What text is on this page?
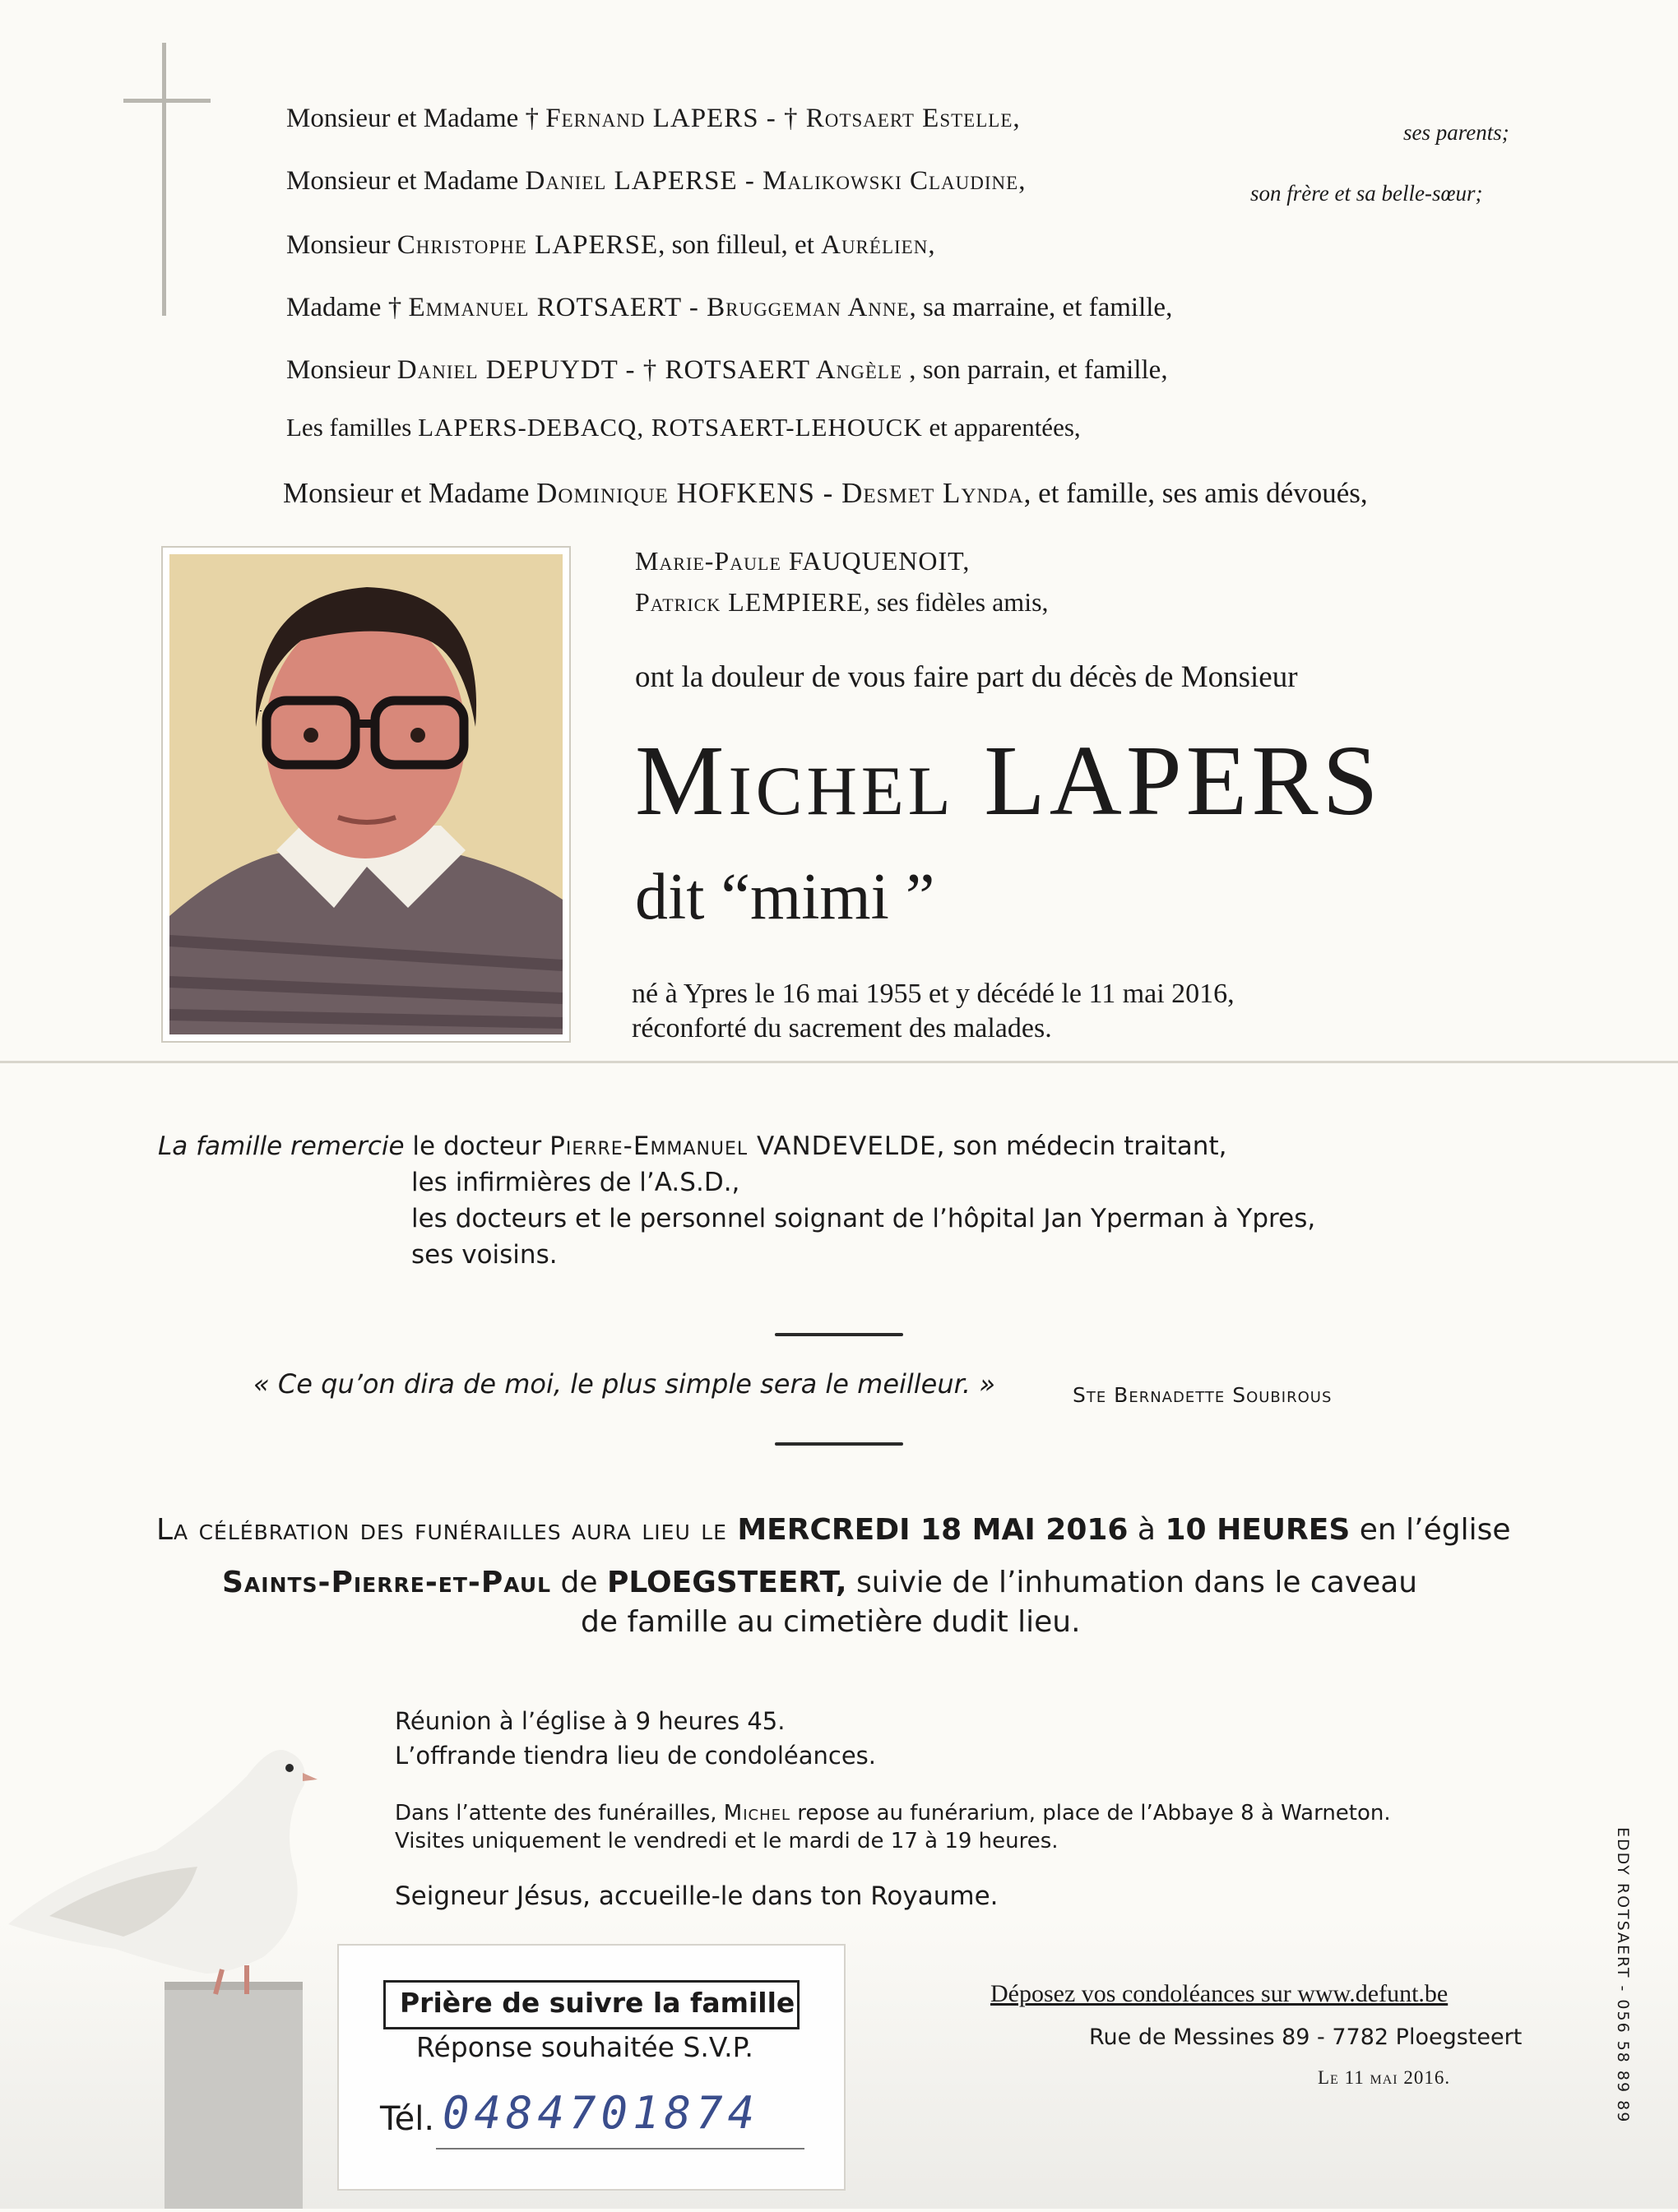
Monsieur et Madame † Fernand LAPERS - † Rotsaert Estelle,	ses parents;
Monsieur et Madame Daniel LAPERSE - Malikowski Claudine,	son frère et sa belle-sœur;
Monsieur Christophe LAPERSE, son filleul, et Aurélien,
Madame † Emmanuel ROTSAERT - Bruggeman Anne, sa marraine, et famille,
Monsieur Daniel DEPUYDT - † ROTSAERT Angèle , son parrain, et famille,
Les familles LAPERS-DEBACQ, ROTSAERT-LEHOUCK et apparentées,
Monsieur et Madame Dominique HOFKENS - Desmet Lynda, et famille, ses amis dévoués,
Marie-Paule FAUQUENOIT,
Patrick LEMPIERE, ses fidèles amis,
ont la douleur de vous faire part du décès de Monsieur
Michel LAPERS
dit “mimi ”
né à Ypres le 16 mai 1955 et y décédé le 11 mai 2016,
réconforté du sacrement des malades.
La famille remercie le docteur Pierre-Emmanuel VANDEVELDE, son médecin traitant,
les infirmières de l’A.S.D.,
les docteurs et le personnel soignant de l’hôpital Jan Yperman à Ypres,
ses voisins.
« Ce qu’on dira de moi, le plus simple sera le meilleur. »	Ste Bernadette Soubirous
La célébration des funérailles aura lieu le MERCREDI 18 MAI 2016 à 10 HEURES en l’église
Saints-Pierre-et-Paul de PLOEGSTEERT, suivie de l’inhumation dans le caveau
de famille au cimetière dudit lieu.
Réunion à l’église à 9 heures 45.
L’offrande tiendra lieu de condoléances.
Dans l’attente des funérailles, Michel repose au funérarium, place de l’Abbaye 8 à Warneton.
Visites uniquement le vendredi et le mardi de 17 à 19 heures.
Seigneur Jésus, accueille-le dans ton Royaume.
Prière de suivre la famille
Réponse souhaitée S.V.P.
Tél. 0484701874
Déposez vos condoléances sur www.defunt.be
Rue de Messines 89 - 7782 Ploegsteert
Le 11 mai 2016.	EDDY ROTSAERT - 056 58 89 89
